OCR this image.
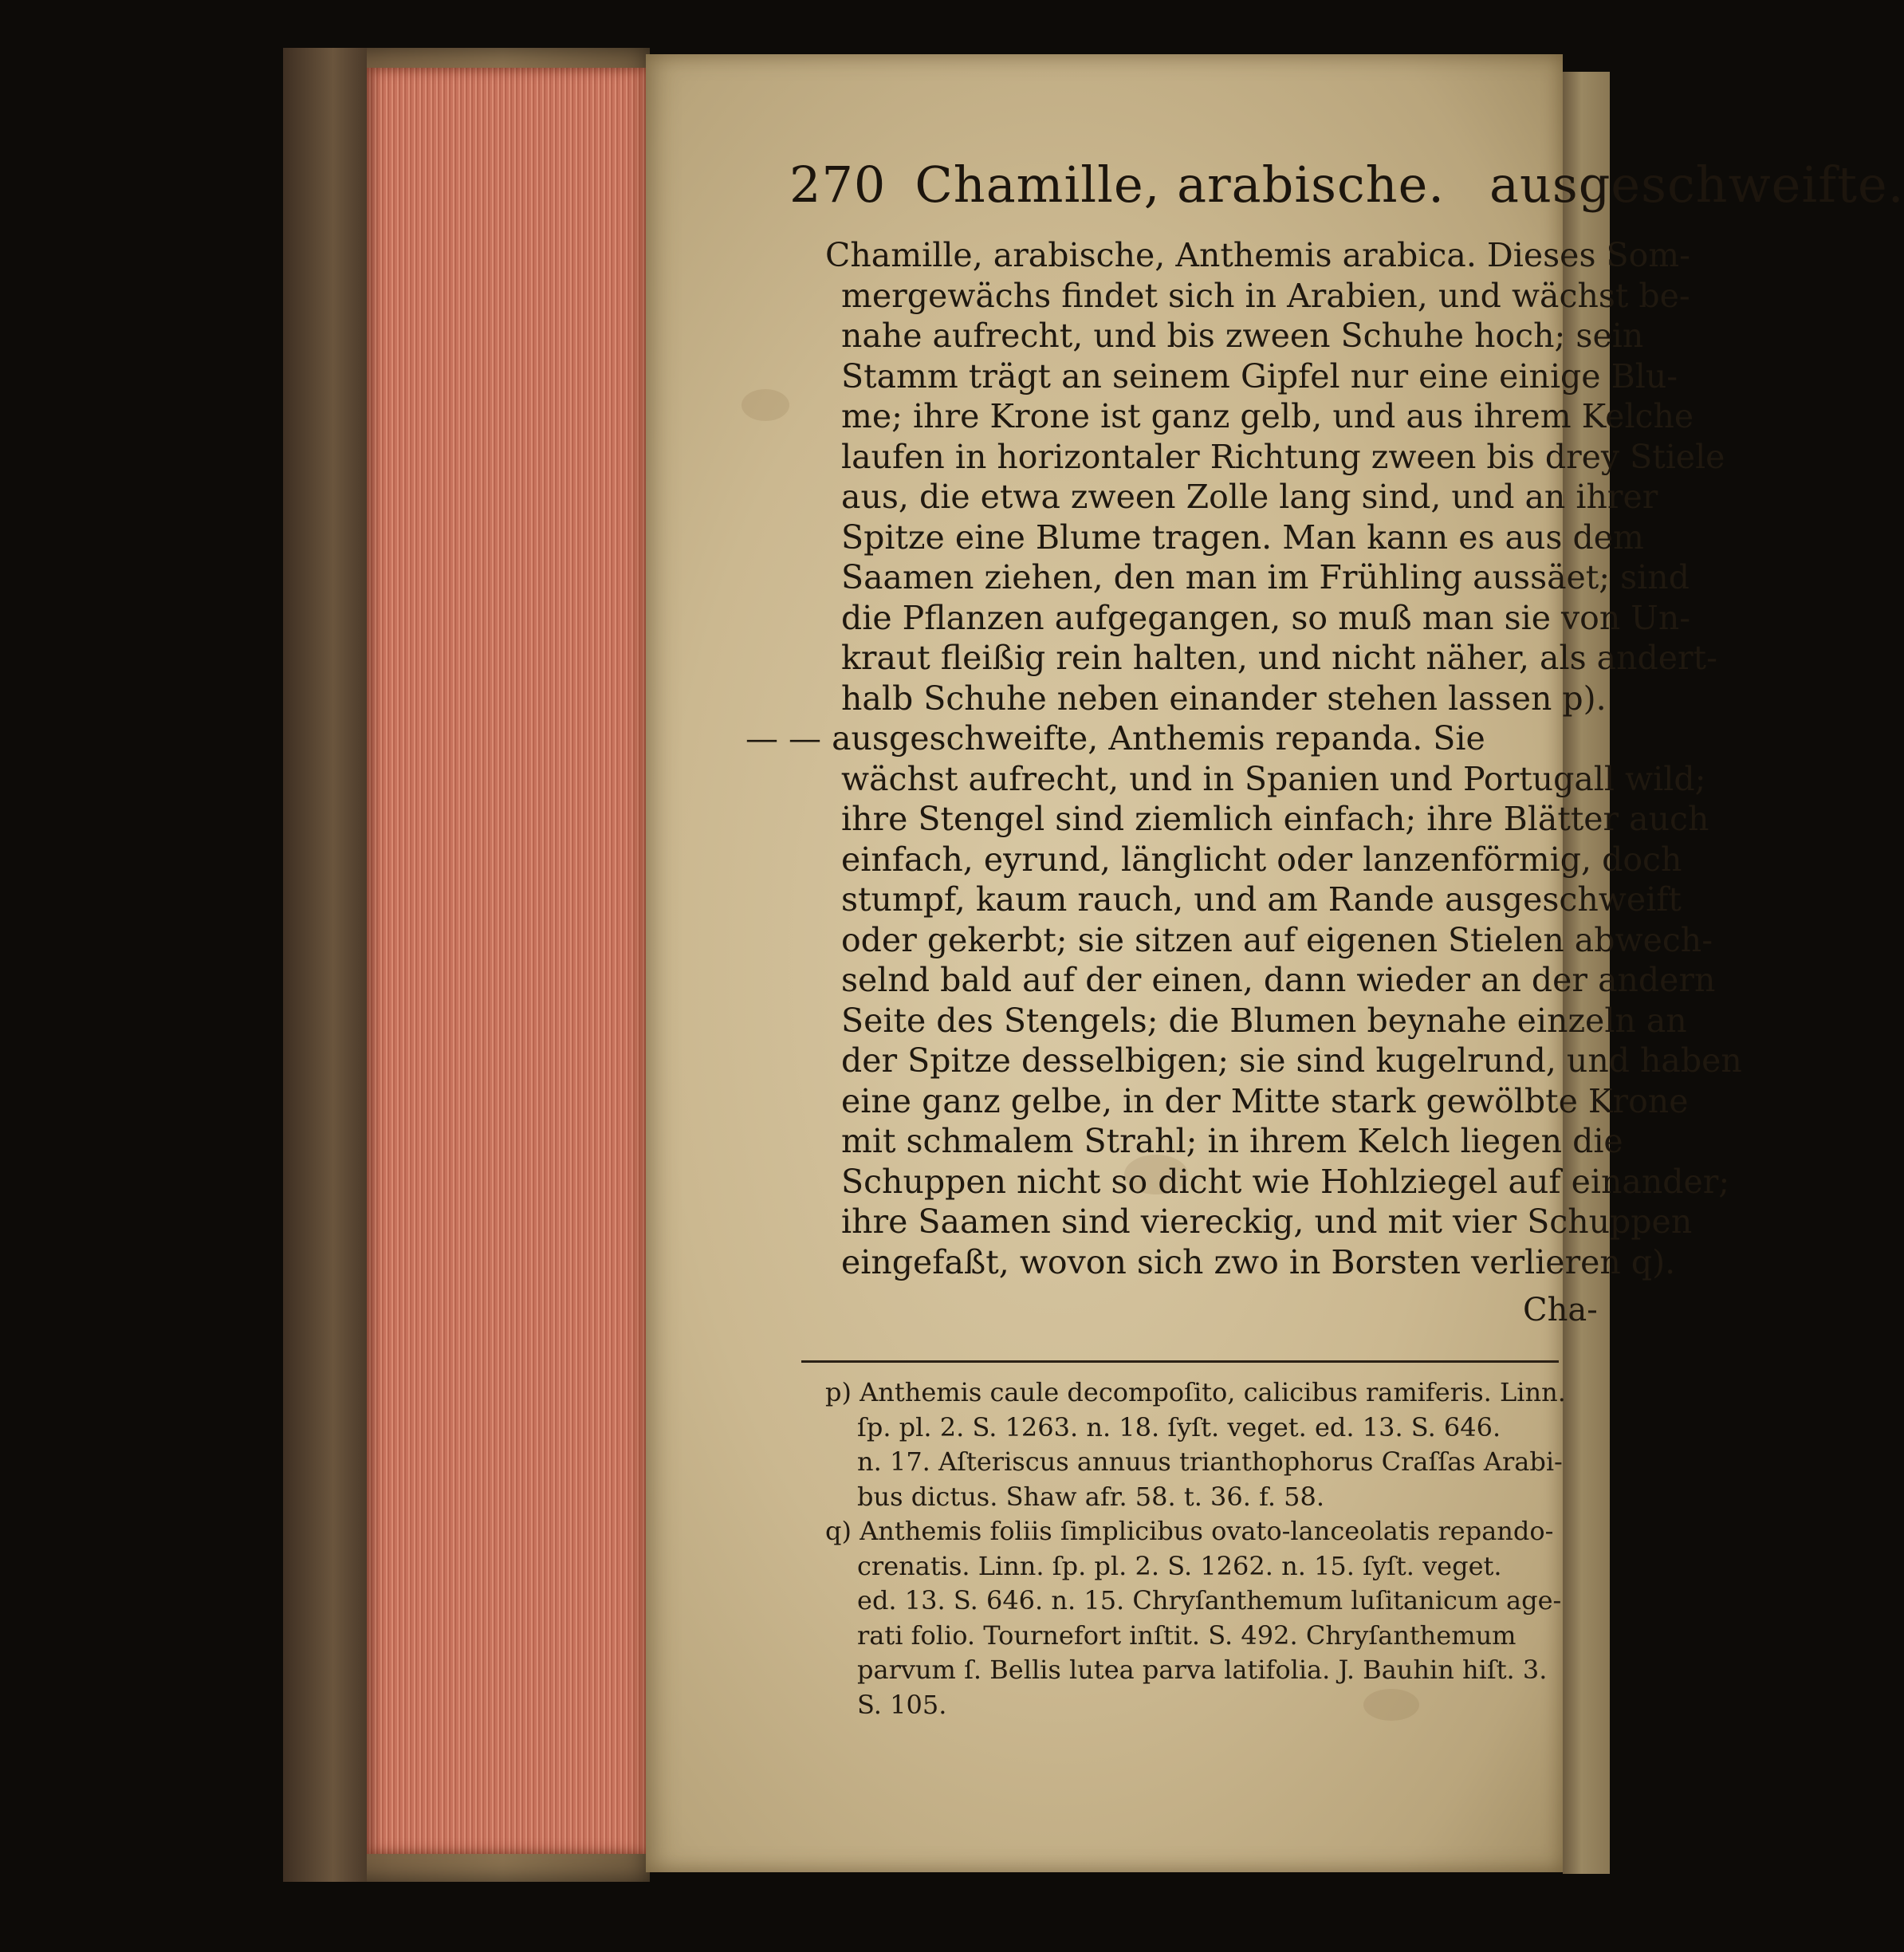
270 Chamille, arabische. ausgeschweifte.
Chamille, arabische, Anthemis arabica. Dieses Som-
mergewächs findet sich in Arabien, und wächst be-
nahe aufrecht, und bis zween Schuhe hoch; sein
Stamm trägt an seinem Gipfel nur eine einige Blu-
me; ihre Krone ist ganz gelb, und aus ihrem Kelche
laufen in horizontaler Richtung zween bis drey Stiele
aus, die etwa zween Zolle lang sind, und an ihrer
Spitze eine Blume tragen. Man kann es aus dem
Saamen ziehen, den man im Frühling aussäet; sind
die Pflanzen aufgegangen, so muß man sie von Un-
kraut fleißig rein halten, und nicht näher, als andert-
halb Schuhe neben einander stehen lassen p).
— — ausgeschweifte, Anthemis repanda. Sie
wächst aufrecht, und in Spanien und Portugall wild;
ihre Stengel sind ziemlich einfach; ihre Blätter auch
einfach, eyrund, länglicht oder lanzenförmig, doch
stumpf, kaum rauch, und am Rande ausgeschweift
oder gekerbt; sie sitzen auf eigenen Stielen abwech-
selnd bald auf der einen, dann wieder an der andern
Seite des Stengels; die Blumen beynahe einzeln an
der Spitze desselbigen; sie sind kugelrund, und haben
eine ganz gelbe, in der Mitte stark gewölbte Krone
mit schmalem Strahl; in ihrem Kelch liegen die
Schuppen nicht so dicht wie Hohlziegel auf einander;
ihre Saamen sind viereckig, und mit vier Schuppen
eingefaßt, wovon sich zwo in Borsten verlieren q).
Cha-
p) Anthemis caule decompoſito, calicibus ramiferis. Linn.
ſp. pl. 2. S. 1263. n. 18. ſyſt. veget. ed. 13. S. 646.
n. 17. Aſteriscus annuus trianthophorus Craſſas Arabi-
bus dictus. Shaw afr. 58. t. 36. f. 58.
q) Anthemis foliis ſimplicibus ovato-lanceolatis repando-
crenatis. Linn. ſp. pl. 2. S. 1262. n. 15. ſyſt. veget.
ed. 13. S. 646. n. 15. Chryſanthemum luſitanicum age-
rati folio. Tournefort inſtit. S. 492. Chryſanthemum
parvum ſ. Bellis lutea parva latifolia. J. Bauhin hiſt. 3.
S. 105.
